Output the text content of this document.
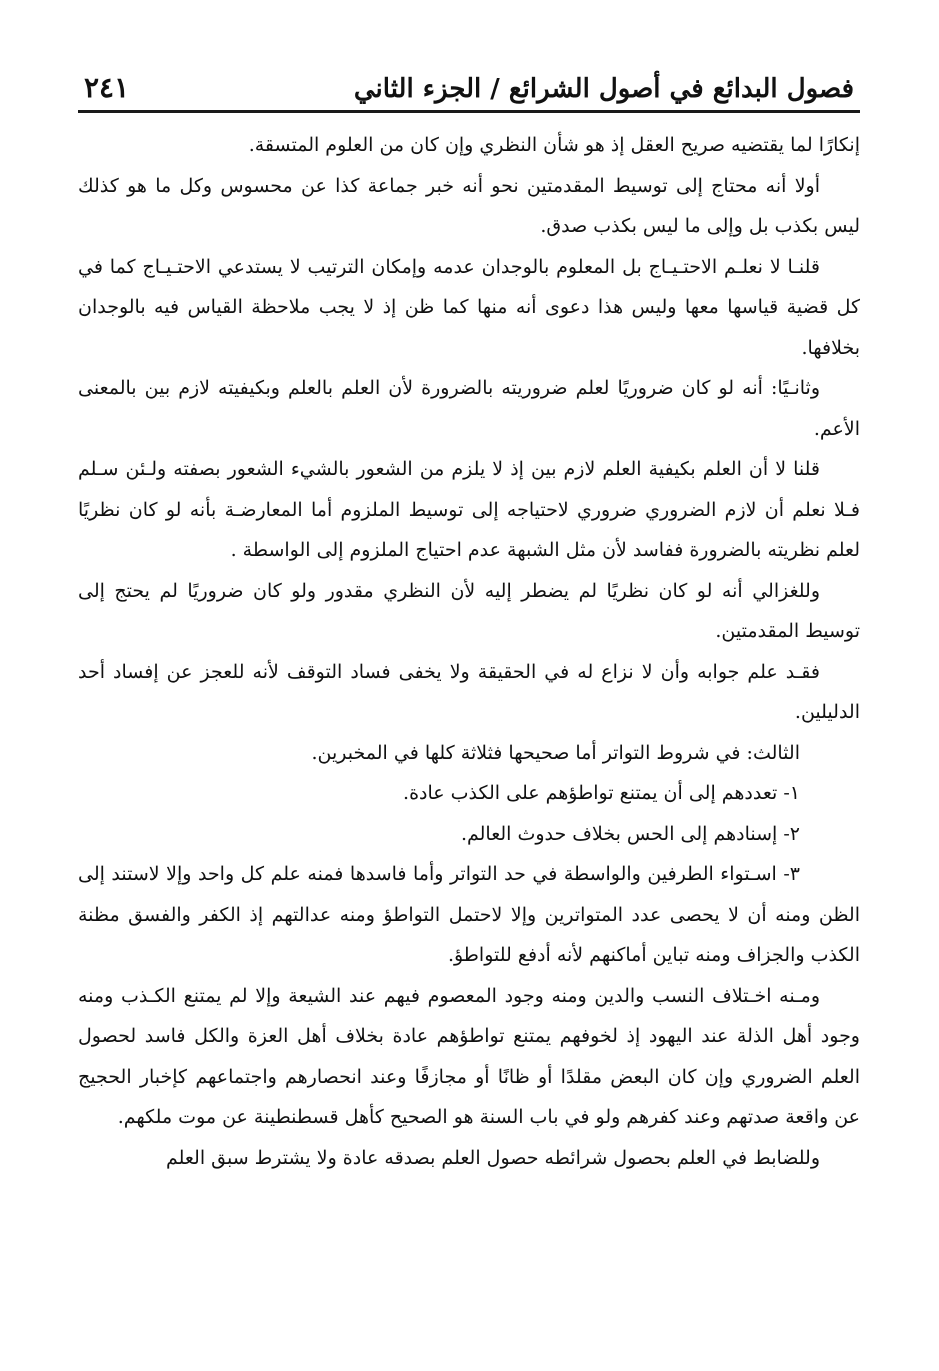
فصول البدائع في أصول الشرائع / الجزء الثاني
٢٤١

إنكارًا لما يقتضيه صريح العقل إذ هو شأن النظري وإن كان من العلوم المتسقة.

أولا أنه محتاج إلى توسيط المقدمتين نحو أنه خبر جماعة كذا عن محسوس وكل ما هو كذلك ليس بكذب بل وإلى ما ليس بكذب صدق.

قلنـا لا نعلـم الاحتـيـاج بل المعلوم بالوجدان عدمه وإمكان الترتيب لا يستدعي الاحتـيـاج كما في كل قضية قياسها معها وليس هذا دعوى أنه منها كما ظن إذ لا يجب ملاحظة القياس فيه بالوجدان بخلافها.

وثانـيًا: أنه لو كان ضروريًا لعلم ضروريته بالضرورة لأن العلم بالعلم وبكيفيته لازم بين بالمعنى الأعم.

قلنا لا أن العلم بكيفية العلم لازم بين إذ لا يلزم من الشعور بالشيء الشعور بصفته ولـئن سـلم فـلا نعلم أن لازم الضروري ضروري لاحتياجه إلى توسيط الملزوم أما المعارضـة بأنه لو كان نظريًا لعلم نظريته بالضرورة ففاسد لأن مثل الشبهة عدم احتياج الملزوم إلى الواسطة .

وللغزالي أنه لو كان نظريًا لم يضطر إليه لأن النظري مقدور ولو كان ضروريًا لم يحتج إلى توسيط المقدمتين.

فقـد علم جوابه وأن لا نزاع له في الحقيقة ولا يخفى فساد التوقف لأنه للعجز عن إفساد أحد الدليلين.

الثالث: في شروط التواتر أما صحيحها فثلاثة كلها في المخبرين.

١- تعددهم إلى أن يمتنع تواطؤهم على الكذب عادة.

٢- إسنادهم إلى الحس بخلاف حدوث العالم.

٣- اسـتواء الطرفين والواسطة في حد التواتر وأما فاسدها فمنه علم كل واحد وإلا لاستند إلى الظن ومنه أن لا يحصى عدد المتواترين وإلا لاحتمل التواطؤ ومنه عدالتهم إذ الكفر والفسق مظنة الكذب والجزاف ومنه تباين أماكنهم لأنه أدفع للتواطؤ.

ومـنه اخـتلاف النسب والدين ومنه وجود المعصوم فيهم عند الشيعة وإلا لم يمتنع الكـذب ومنه وجود أهل الذلة عند اليهود إذ لخوفهم يمتنع تواطؤهم عادة بخلاف أهل العزة والكل فاسد لحصول العلم الضروري وإن كان البعض مقلدًا أو ظانًا أو مجازفًا وعند انحصارهم واجتماعهم كإخبار الحجيج عن واقعة صدتهم وعند كفرهم ولو في باب السنة هو الصحيح كأهل قسطنطينة عن موت ملكهم.

وللضابط في العلم بحصول شرائطه حصول العلم بصدقه عادة ولا يشترط سبق العلم
